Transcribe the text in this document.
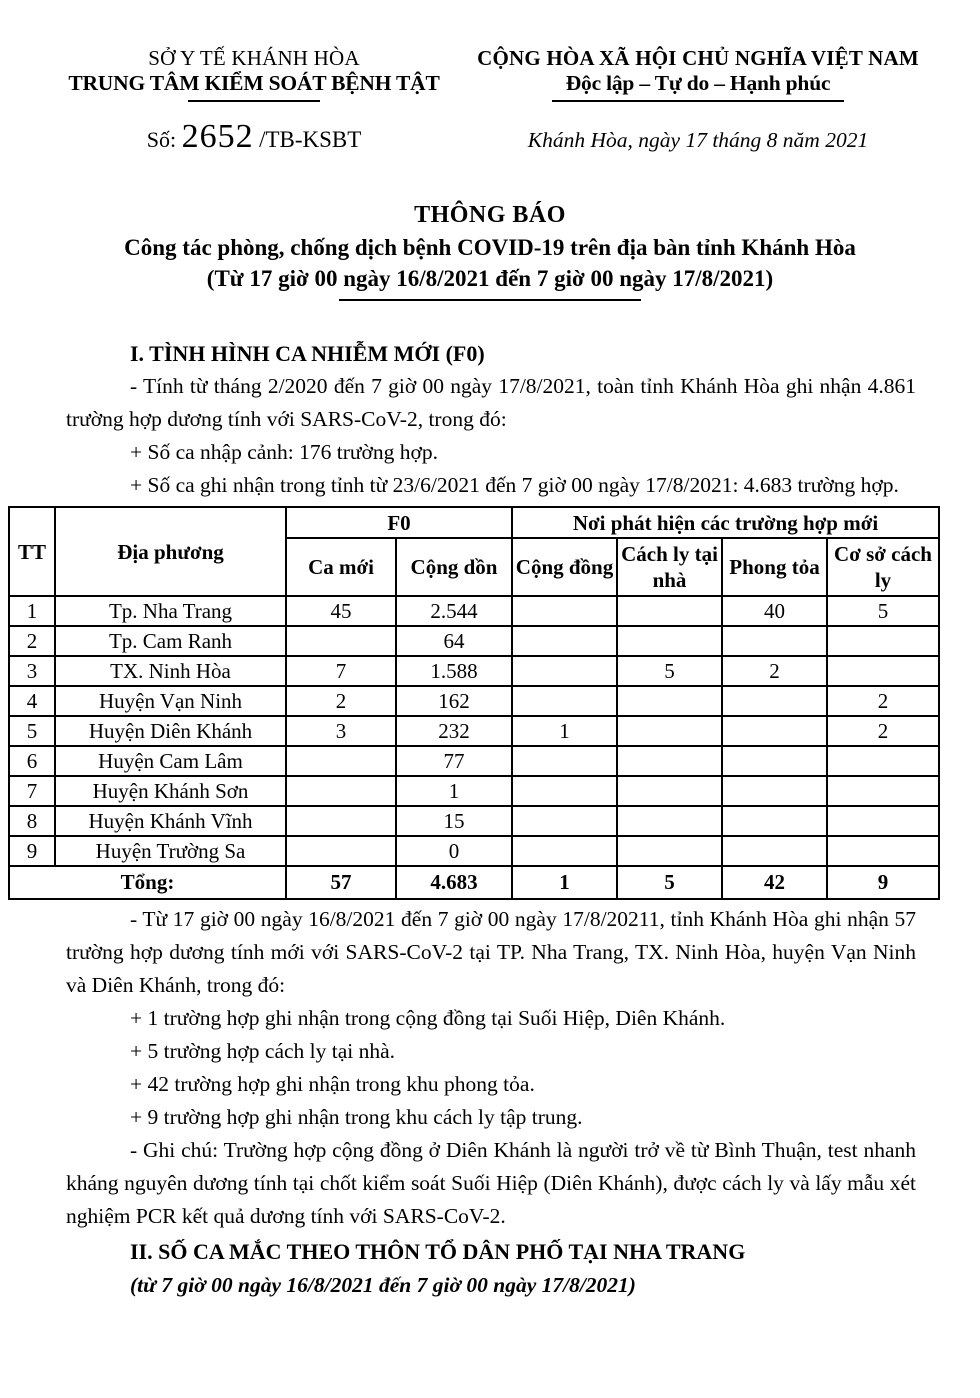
SỞ Y TẾ KHÁNH HÒA
TRUNG TÂM KIỂM SOÁT BỆNH TẬT
CỘNG HÒA XÃ HỘI CHỦ NGHĨA VIỆT NAM
Độc lập – Tự do – Hạnh phúc
Số: 2652 /TB-KSBT	Khánh Hòa, ngày 17 tháng 8 năm 2021
THÔNG BÁO
Công tác phòng, chống dịch bệnh COVID-19 trên địa bàn tỉnh Khánh Hòa
(Từ 17 giờ 00 ngày 16/8/2021 đến 7 giờ 00 ngày 17/8/2021)

I. TÌNH HÌNH CA NHIỄM MỚI (F0)

- Tính từ tháng 2/2020 đến 7 giờ 00 ngày 17/8/2021, toàn tỉnh Khánh Hòa ghi nhận 4.861 trường hợp dương tính với SARS-CoV-2, trong đó:

+ Số ca nhập cảnh: 176 trường hợp.

+ Số ca ghi nhận trong tỉnh từ 23/6/2021 đến 7 giờ 00 ngày 17/8/2021: 4.683 trường hợp.

TT	Địa phương	F0		Nơi phát hiện các trường hợp mới			
		Ca mới	Cộng dồn	Cộng đồng	Cách ly tại nhà	Phong tỏa	Cơ sở cách ly
1	Tp. Nha Trang	45	2.544			40	5
2	Tp. Cam Ranh		64				
3	TX. Ninh Hòa	7	1.588		5	2	
4	Huyện Vạn Ninh	2	162				2
5	Huyện Diên Khánh	3	232	1			2
6	Huyện Cam Lâm		77				
7	Huyện Khánh Sơn		1				
8	Huyện Khánh Vĩnh		15				
9	Huyện Trường Sa		0				
Tổng:		57	4.683	1	5	42	9

- Từ 17 giờ 00 ngày 16/8/2021 đến 7 giờ 00 ngày 17/8/20211, tỉnh Khánh Hòa ghi nhận 57 trường hợp dương tính mới với SARS-CoV-2 tại TP. Nha Trang, TX. Ninh Hòa, huyện Vạn Ninh và Diên Khánh, trong đó:

+ 1 trường hợp ghi nhận trong cộng đồng tại Suối Hiệp, Diên Khánh.

+ 5 trường hợp cách ly tại nhà.

+ 42 trường hợp ghi nhận trong khu phong tỏa.

+ 9 trường hợp ghi nhận trong khu cách ly tập trung.

- Ghi chú: Trường hợp cộng đồng ở Diên Khánh là người trở về từ Bình Thuận, test nhanh kháng nguyên dương tính tại chốt kiểm soát Suối Hiệp (Diên Khánh), được cách ly và lấy mẫu xét nghiệm PCR kết quả dương tính với SARS-CoV-2.

II. SỐ CA MẮC THEO THÔN TỔ DÂN PHỐ TẠI NHA TRANG

(từ 7 giờ 00 ngày 16/8/2021 đến 7 giờ 00 ngày 17/8/2021)
